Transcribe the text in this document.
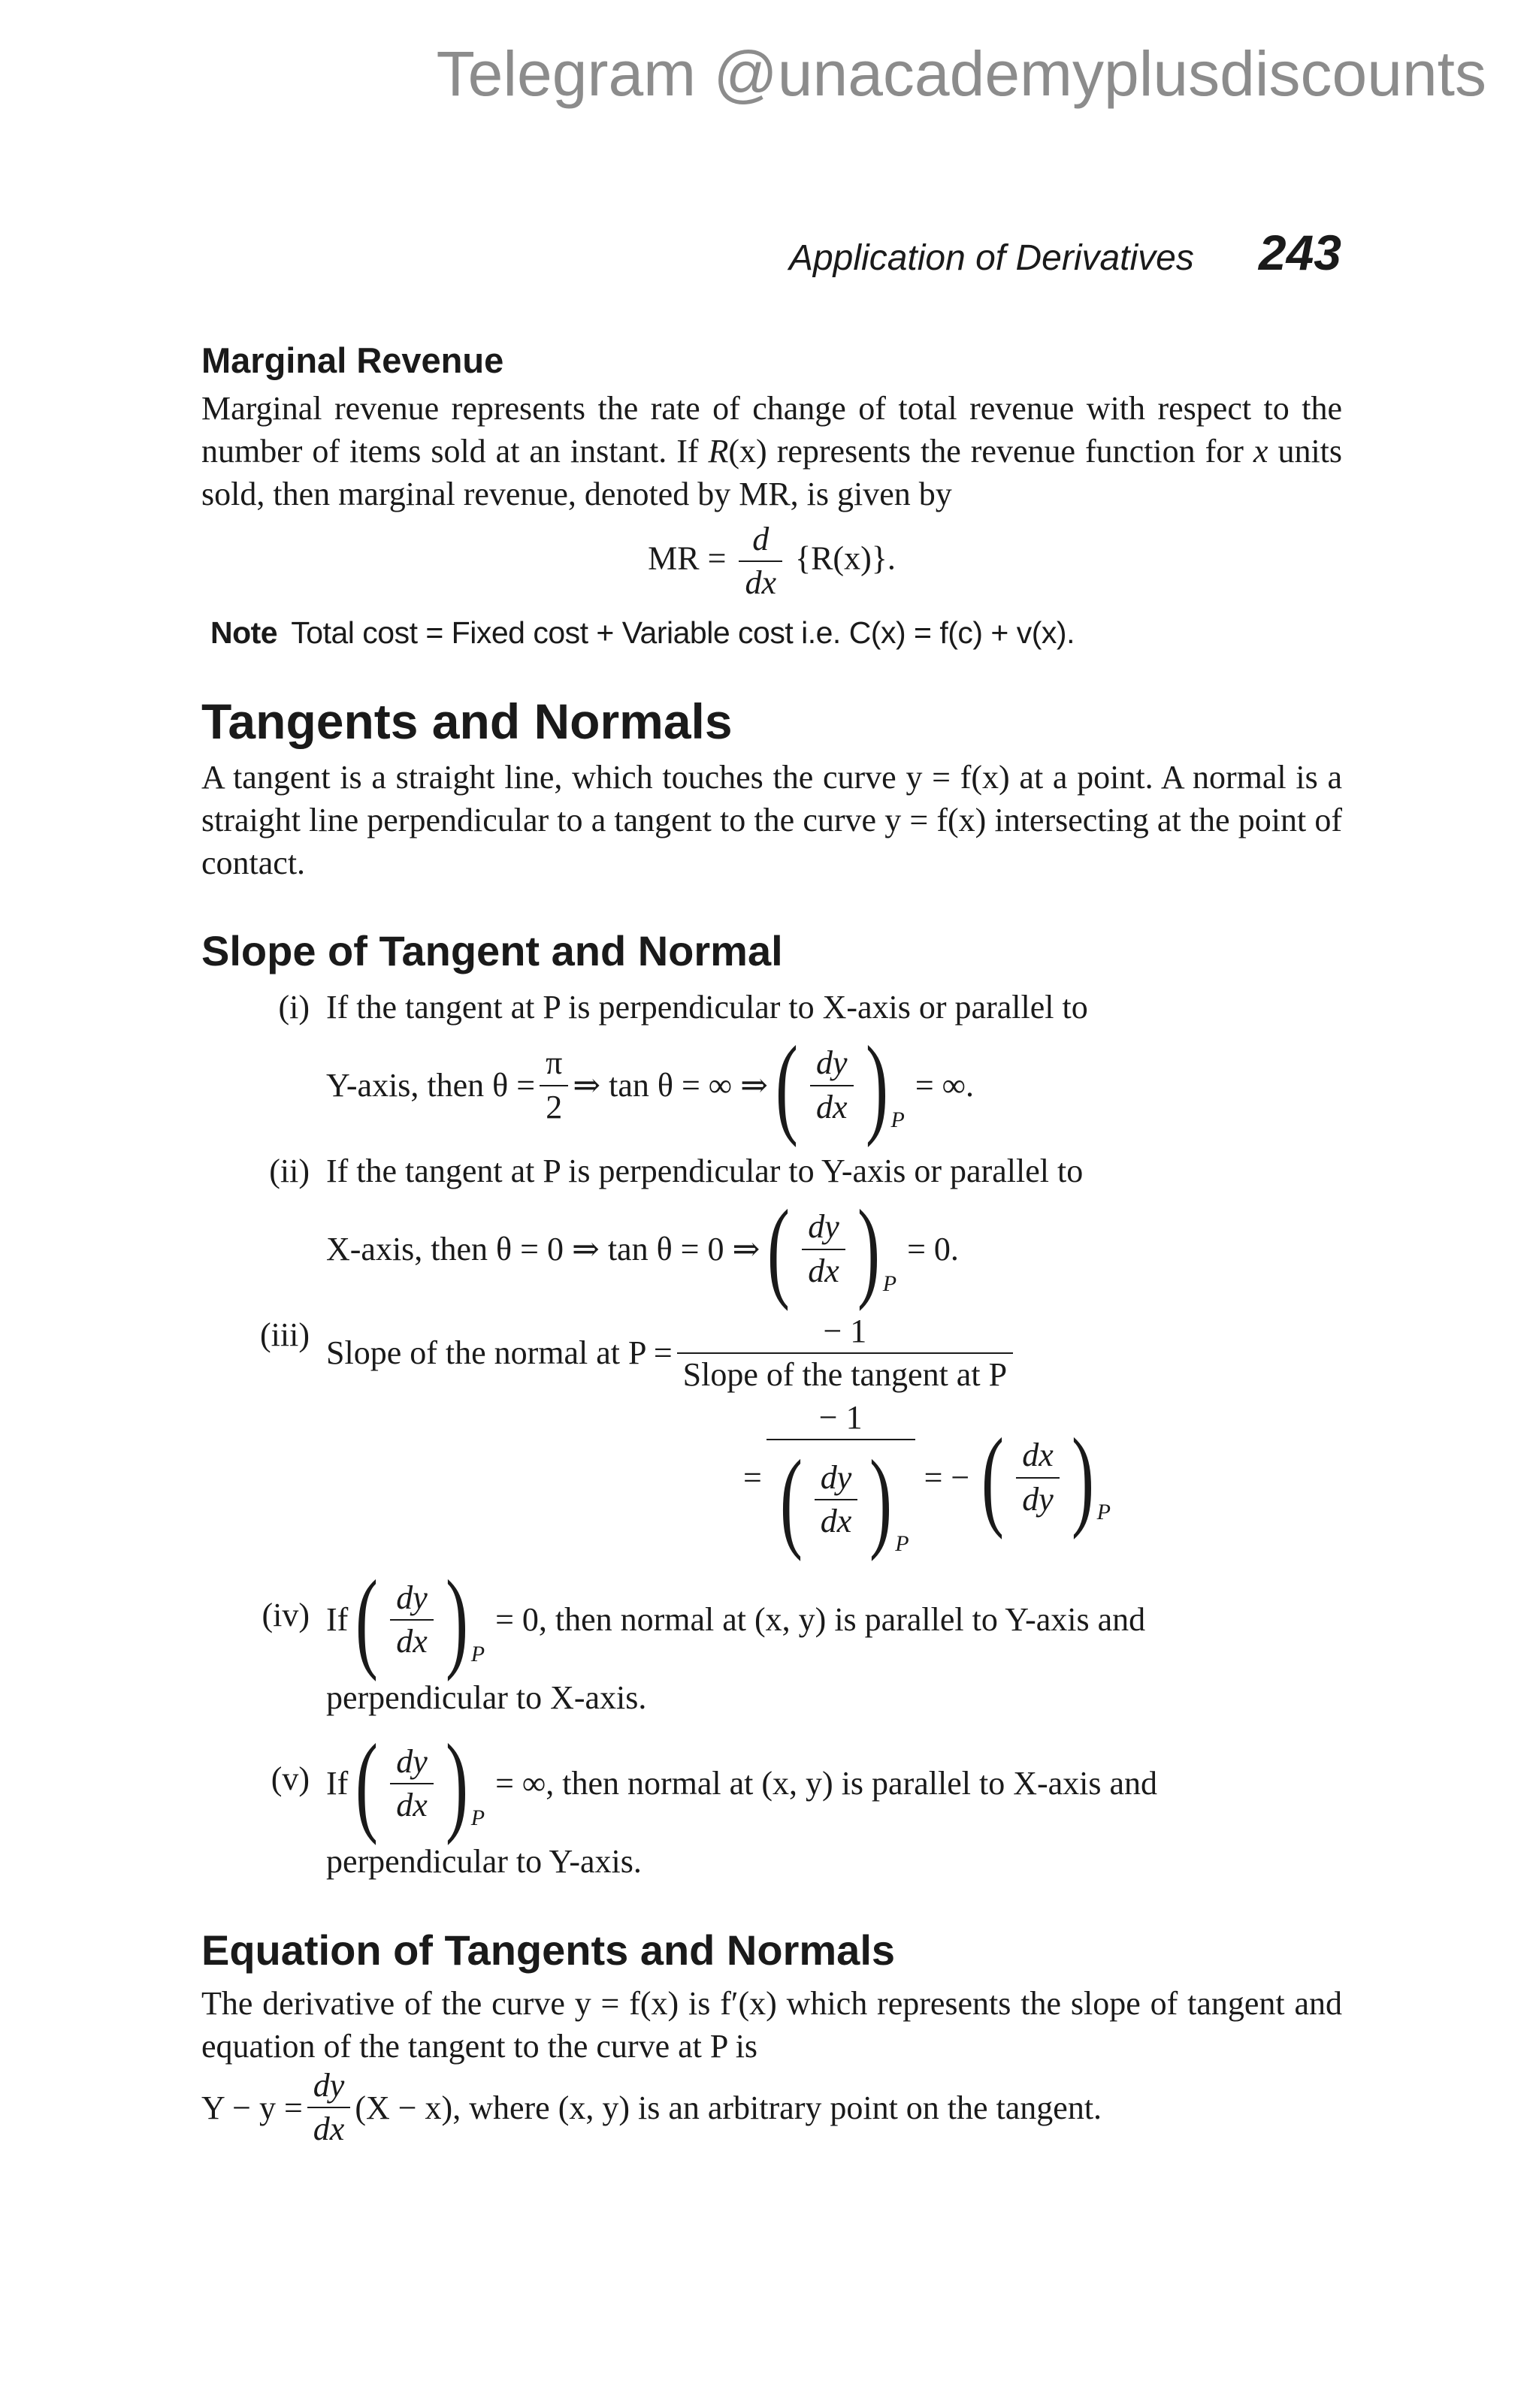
Telegram @unacademyplusdiscounts
Application of Derivatives 243
Marginal Revenue

Marginal revenue represents the rate of change of total revenue with respect to the number of items sold at an instant. If R(x) represents the revenue function for x units sold, then marginal revenue, denoted by MR, is given by

MR = $\frac{d}{dx} \{R(x)\}$.
Note Total cost = Fixed cost + Variable cost i.e. C(x) = f(c) + v(x).
Tangents and Normals

A tangent is a straight line, which touches the curve y = f(x) at a point. A normal is a straight line perpendicular to a tangent to the curve y = f(x) intersecting at the point of contact.

Slope of Tangent and Normal
(i) If the tangent at P is perpendicular to X-axis or parallel to
Y-axis, then $\theta = \frac{\pi}{2}$ ⇒ tan θ = ∞ ⇒ ( $\frac{dy}{dx}$ ) P
= ∞.
(ii) If the tangent at P is perpendicular to Y-axis or parallel to
X-axis, then θ = 0 ⇒ tan θ = 0 ⇒ ( $\frac{dy}{dx}$ ) P
= 0.
(iii) Slope of the normal at $P = \frac{- 1}{\text{Slope of the tangent at P}}$
=
− 1
( $\frac{dy}{dx}$ ) P
= − ( $\frac{dx}{dy}$ ) P
(iv) If ( $\frac{dy}{dx}$ ) P
= 0, then normal at (x, y) is parallel to Y-axis and
perpendicular to X-axis.
(v) If ( $\frac{dy}{dx}$ ) P
= ∞, then normal at (x, y) is parallel to X-axis and
perpendicular to Y-axis.
Equation of Tangents and Normals

The derivative of the curve y = f(x) is f′(x) which represents the slope of tangent and equation of the tangent to the curve at P is

$Y - y = \frac{dy}{dx} (X - x)$, where (x, y) is an arbitrary point on the tangent.
